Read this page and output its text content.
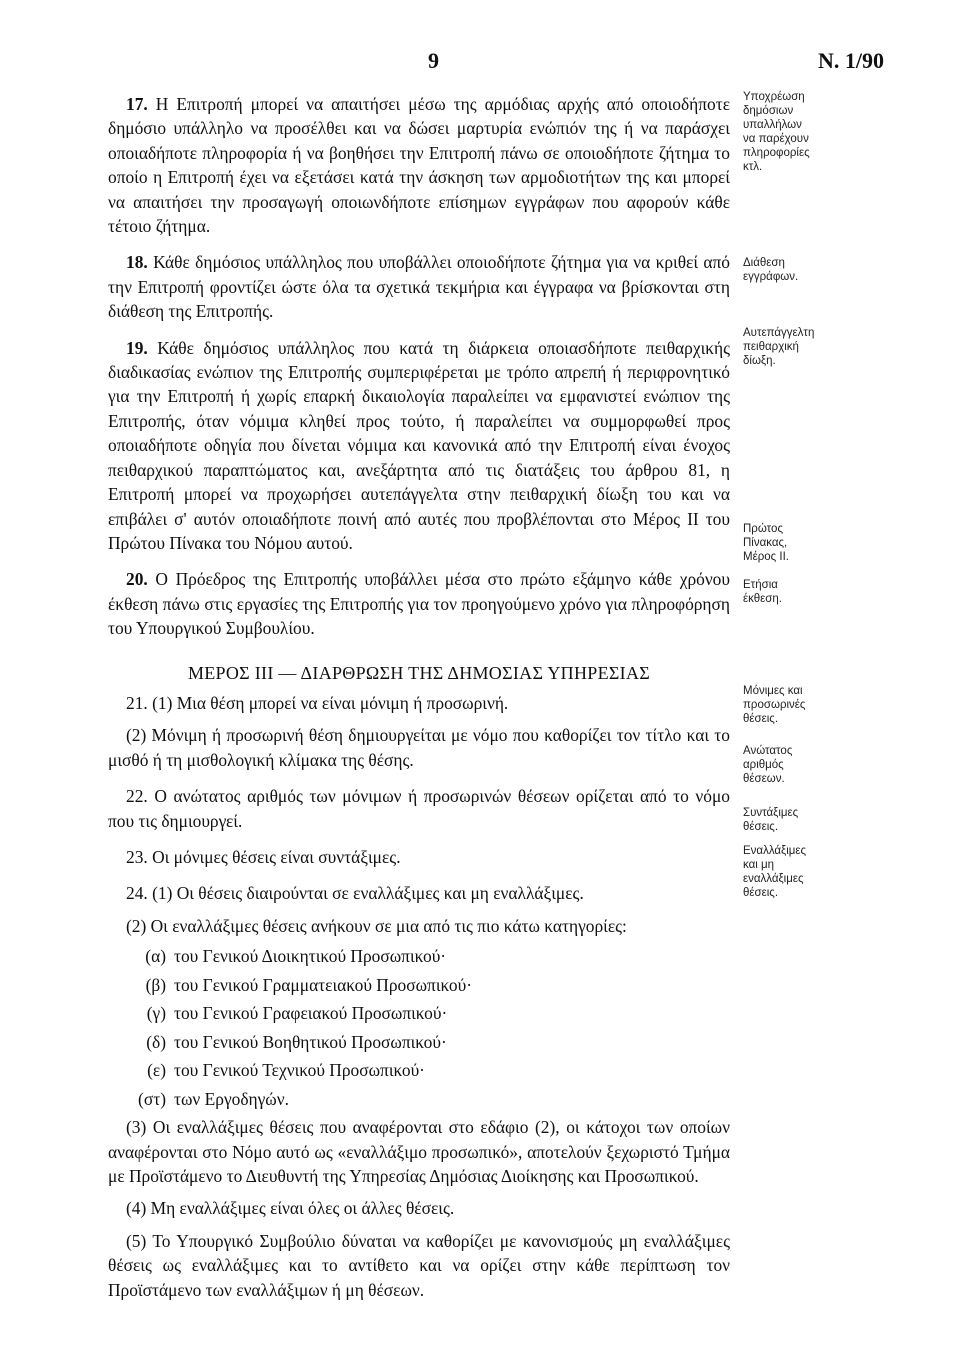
9	Ν. 1/90

17. Η Επιτροπή μπορεί να απαιτήσει μέσω της αρμόδιας αρχής από οποιοδήποτε δημόσιο υπάλληλο να προσέλθει και να δώσει μαρτυρία ενώπιόν της ή να παράσχει οποιαδήποτε πληροφορία ή να βοηθήσει την Επιτροπή πάνω σε οποιοδήποτε ζήτημα το οποίο η Επιτροπή έχει να εξετάσει κατά την άσκηση των αρμοδιοτήτων της και μπορεί να απαιτήσει την προσαγωγή οποιωνδήποτε επίσημων εγγράφων που αφορούν κάθε τέτοιο ζήτημα.

18. Κάθε δημόσιος υπάλληλος που υποβάλλει οποιοδήποτε ζήτημα για να κριθεί από την Επιτροπή φροντίζει ώστε όλα τα σχετικά τεκμήρια και έγγραφα να βρίσκονται στη διάθεση της Επιτροπής.

19. Κάθε δημόσιος υπάλληλος που κατά τη διάρκεια οποιασδήποτε πειθαρχικής διαδικασίας ενώπιον της Επιτροπής συμπεριφέρεται με τρόπο απρεπή ή περιφρονητικό για την Επιτροπή ή χωρίς επαρκή δικαιολογία παραλείπει να εμφανιστεί ενώπιον της Επιτροπής, όταν νόμιμα κληθεί προς τούτο, ή παραλείπει να συμμορφωθεί προς οποιαδήποτε οδηγία που δίνεται νόμιμα και κανονικά από την Επιτροπή είναι ένοχος πειθαρχικού παραπτώματος και, ανεξάρτητα από τις διατάξεις του άρθρου 81, η Επιτροπή μπορεί να προχωρήσει αυτεπάγγελτα στην πειθαρχική δίωξη του και να επιβάλει σ' αυτόν οποιαδήποτε ποινή από αυτές που προβλέπονται στο Μέρος ΙΙ του Πρώτου Πίνακα του Νόμου αυτού.

20. Ο Πρόεδρος της Επιτροπής υποβάλλει μέσα στο πρώτο εξάμηνο κάθε χρόνου έκθεση πάνω στις εργασίες της Επιτροπής για τον προηγούμενο χρόνο για πληροφόρηση του Υπουργικού Συμβουλίου.

ΜΕΡΟΣ ΙΙΙ — ΔΙΑΡΘΡΩΣΗ ΤΗΣ ΔΗΜΟΣΙΑΣ ΥΠΗΡΕΣΙΑΣ

21. (1) Μια θέση μπορεί να είναι μόνιμη ή προσωρινή.

(2) Μόνιμη ή προσωρινή θέση δημιουργείται με νόμο που καθορίζει τον τίτλο και το μισθό ή τη μισθολογική κλίμακα της θέσης.

22. Ο ανώτατος αριθμός των μόνιμων ή προσωρινών θέσεων ορίζεται από το νόμο που τις δημιουργεί.

23. Οι μόνιμες θέσεις είναι συντάξιμες.

24. (1) Οι θέσεις διαιρούνται σε εναλλάξιμες και μη εναλλάξιμες.

(2) Οι εναλλάξιμες θέσεις ανήκουν σε μια από τις πιο κάτω κατηγορίες:

(α) του Γενικού Διοικητικού Προσωπικού·
(β) του Γενικού Γραμματειακού Προσωπικού·
(γ) του Γενικού Γραφειακού Προσωπικού·
(δ) του Γενικού Βοηθητικού Προσωπικού·
(ε) του Γενικού Τεχνικού Προσωπικού·
(στ) των Εργοδηγών.

(3) Οι εναλλάξιμες θέσεις που αναφέρονται στο εδάφιο (2), οι κάτοχοι των οποίων αναφέρονται στο Νόμο αυτό ως «εναλλάξιμο προσωπικό», αποτελούν ξεχωριστό Τμήμα με Προϊστάμενο το Διευθυντή της Υπηρεσίας Δημόσιας Διοίκησης και Προσωπικού.

(4) Μη εναλλάξιμες είναι όλες οι άλλες θέσεις.

(5) Το Υπουργικό Συμβούλιο δύναται να καθορίζει με κανονισμούς μη εναλλάξιμες θέσεις ως εναλλάξιμες και το αντίθετο και να ορίζει στην κάθε περίπτωση τον Προϊστάμενο των εναλλάξιμων ή μη θέσεων.

Υποχρέωση
δημόσιων
υπαλλήλων
να παρέχουν
πληροφορίες
κτλ.
Διάθεση
εγγράφων.
Αυτεπάγγελτη
πειθαρχική
δίωξη.
Πρώτος
Πίνακας,
Μέρος ΙΙ.
Ετήσια
έκθεση.
Μόνιμες και
προσωρινές
θέσεις.
Ανώτατος
αριθμός
θέσεων.
Συντάξιμες
θέσεις.
Εναλλάξιμες
και μη
εναλλάξιμες
θέσεις.
